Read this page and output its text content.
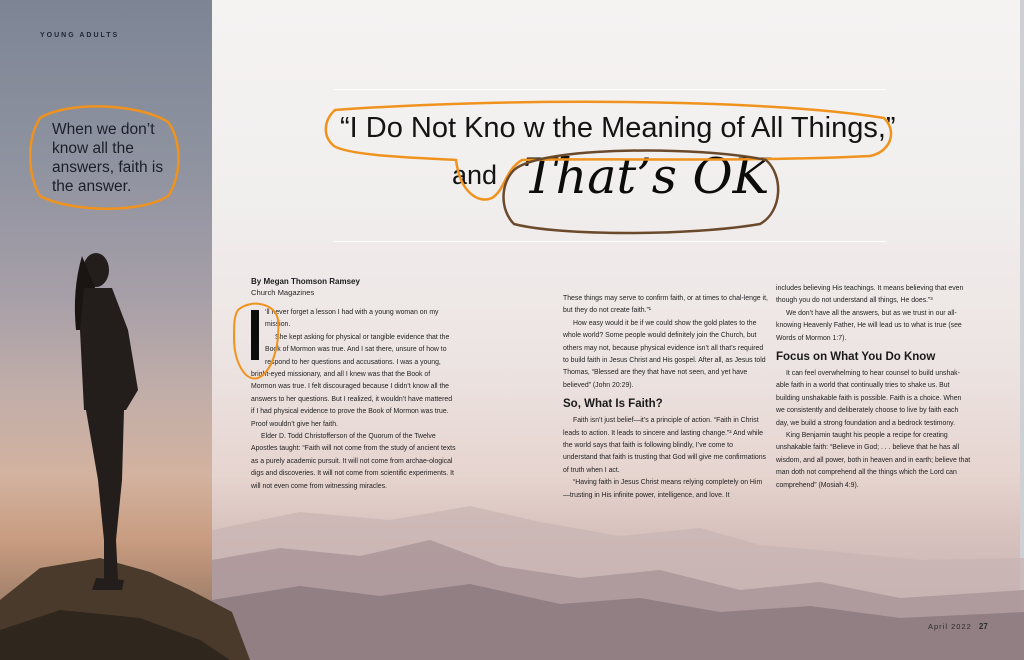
YOUNG ADULTS
When we don’t know all the answers, faith is the answer.
“I Do Not Kno w the Meaning of All Things,”
and That’s OK
By Megan Thomson Ramsey
Church Magazines

‘ll never forget a lesson I had with a young woman on my mission.

She kept asking for physical or tangible evidence that the Book of Mormon was true. And I sat there, unsure of how to respond to her questions and accusations. I was a young, bright-eyed missionary, and all I knew was that the Book of Mormon was true. I felt discouraged because I didn’t know all the answers to her questions. But I realized, it wouldn’t have mattered if I had physical evidence to prove the Book of Mormon was true. Proof wouldn’t give her faith.

Elder D. Todd Christofferson of the Quorum of the Twelve Apostles taught: “Faith will not come from the study of ancient texts as a purely academic pursuit. It will not come from archae-ological digs and discoveries. It will not come from scientific experiments. It will not even come from witnessing miracles.

These things may serve to confirm faith, or at times to chal-lenge it, but they do not create faith.”¹

How easy would it be if we could show the gold plates to the whole world? Some people would definitely join the Church, but others may not, because physical evidence isn’t all that’s required to build faith in Jesus Christ and His gospel. After all, as Jesus told Thomas, “Blessed are they that have not seen, and yet have believed” (John 20:29).

So, What Is Faith?

Faith isn’t just belief—it’s a principle of action. “Faith in Christ leads to action. It leads to sincere and lasting change.”² And while the world says that faith is following blindly, I’ve come to understand that faith is trusting that God will give me confirmations of truth when I act.

“Having faith in Jesus Christ means relying completely on Him—trusting in His infinite power, intelligence, and love. It

includes believing His teachings. It means believing that even though you do not understand all things, He does.”³

We don’t have all the answers, but as we trust in our all-knowing Heavenly Father, He will lead us to what is true (see Words of Mormon 1:7).

Focus on What You Do Know

It can feel overwhelming to hear counsel to build unshak-able faith in a world that continually tries to shake us. But building unshakable faith is possible. Faith is a choice. When we consistently and deliberately choose to live by faith each day, we build a strong foundation and a bedrock testimony.

King Benjamin taught his people a recipe for creating unshakable faith: “Believe in God; . . . believe that he has all wisdom, and all power, both in heaven and in earth; believe that man doth not comprehend all the things which the Lord can comprehend” (Mosiah 4:9).

April 2022 27
